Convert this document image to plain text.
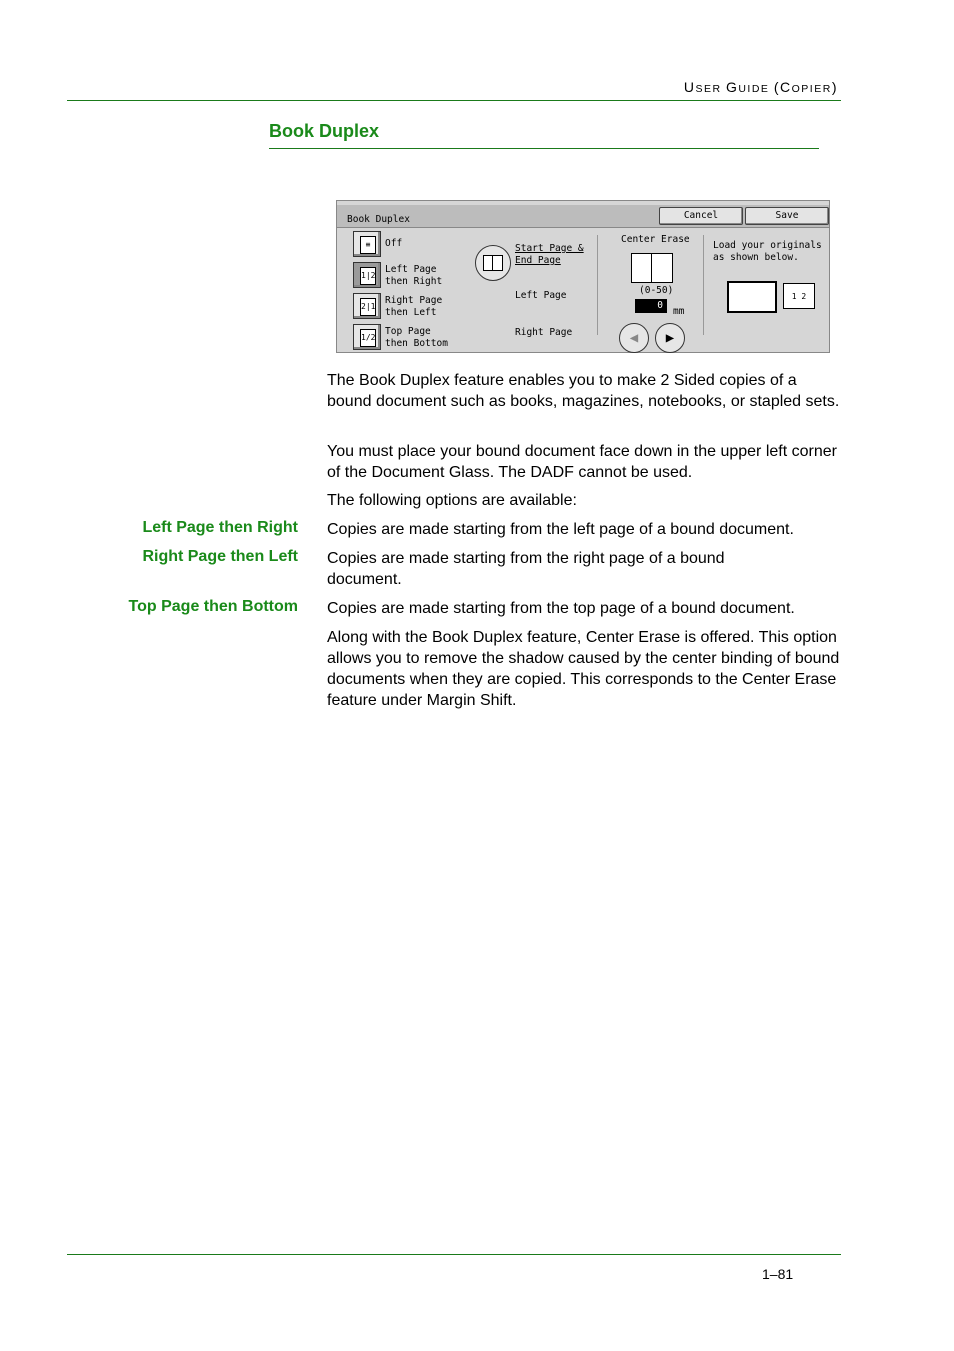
USER GUIDE (COPIER)
Book Duplex
Book Duplex	Cancel	Save
≡	Off
1|2
Left Page
then Right
2|1
Right Page
then Left
1/2
Top Page
then Bottom
Start Page &
End Page
Left Page
Right Page
Center Erase
(0-50)
0
mm
◀	▶
Load your originals
as shown below.
1 2
The Book Duplex feature enables you to make 2 Sided copies of a bound document such as books, magazines, notebooks, or stapled sets.
You must place your bound document face down in the upper left corner of the Document Glass. The DADF cannot be used.
The following options are available:
Left Page then Right Copies are made starting from the left page of a bound document.
Right Page then Left Copies are made starting from the right page of a bound document.
Top Page then Bottom Copies are made starting from the top page of a bound document.
Along with the Book Duplex feature, Center Erase is offered. This option allows you to remove the shadow caused by the center binding of bound documents when they are copied. This corresponds to the Center Erase feature under Margin Shift.
1–81
